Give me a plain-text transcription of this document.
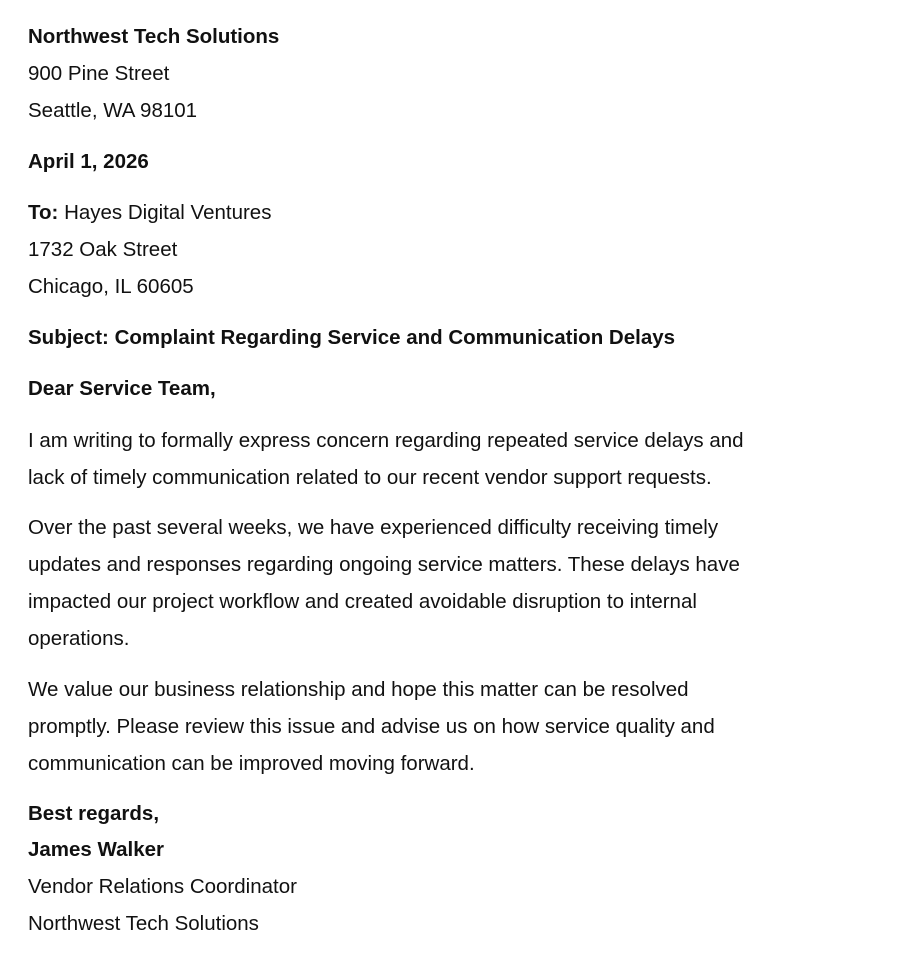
Northwest Tech Solutions
900 Pine Street
Seattle, WA 98101
April 1, 2026
To: Hayes Digital Ventures
1732 Oak Street
Chicago, IL 60605
Subject: Complaint Regarding Service and Communication Delays
Dear Service Team,
I am writing to formally express concern regarding repeated service delays and
lack of timely communication related to our recent vendor support requests.
Over the past several weeks, we have experienced difficulty receiving timely
updates and responses regarding ongoing service matters. These delays have
impacted our project workflow and created avoidable disruption to internal
operations.
We value our business relationship and hope this matter can be resolved
promptly. Please review this issue and advise us on how service quality and
communication can be improved moving forward.
Best regards,
James Walker
Vendor Relations Coordinator
Northwest Tech Solutions
